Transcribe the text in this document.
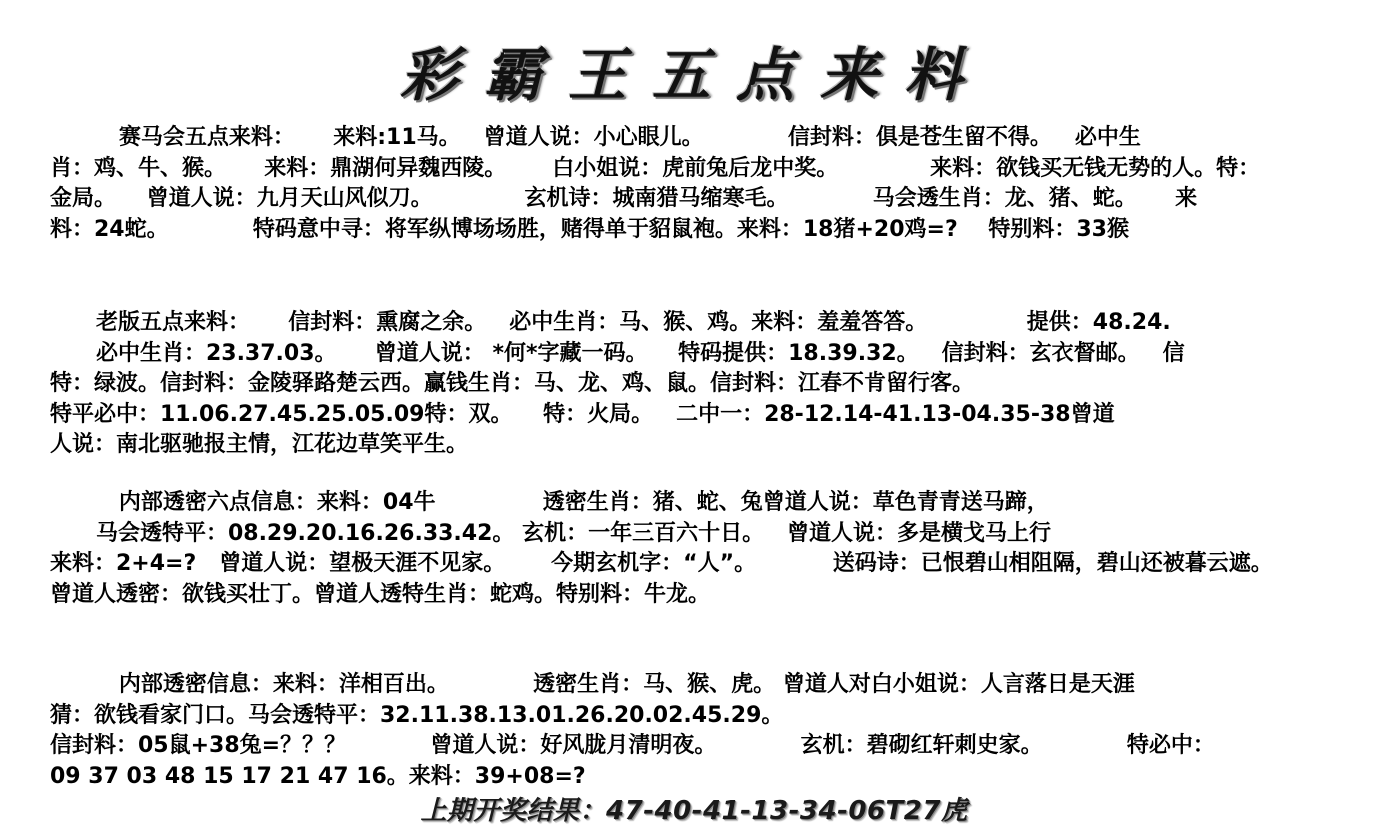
彩霸王五点来料
赛马会五点来料：     来料:11马。   曾道人说：小心眼儿。           信封料：俱是苍生留不得。   必中生
肖：鸡、牛、猴。     来料：鼎湖何异魏西陵。      白小姐说：虎前兔后龙中奖。            来料：欲钱买无钱无势的人。特：
金局。    曾道人说：九月天山风似刀。            玄机诗：城南猎马缩寒毛。           马会透生肖：龙、猪、蛇。     来
料：24蛇。           特码意中寻：将军纵博场场胜，赌得单于貂鼠袍。来料：18猪+20鸡=?    特别料：33猴
老版五点来料：     信封料：熏腐之余。   必中生肖：马、猴、鸡。来料：羞羞答答。             提供：48.24.
必中生肖：23.37.03。     曾道人说： *何*字藏一码。    特码提供：18.39.32。   信封料：玄衣督邮。   信
特：绿波。信封料：金陵驿路楚云西。赢钱生肖：马、龙、鸡、鼠。信封料：江春不肯留行客。
特平必中：11.06.27.45.25.05.09特：双。    特：火局。   二中一：28-12.14-41.13-04.35-38曾道
人说：南北驱驰报主情，江花边草笑平生。
内部透密六点信息：来料：04牛              透密生肖：猪、蛇、兔曾道人说：草色青青送马蹄，
马会透特平：08.29.20.16.26.33.42。 玄机：一年三百六十日。   曾道人说：多是横戈马上行
来料：2+4=?   曾道人说：望极天涯不见家。      今期玄机字：“人”。          送码诗：已恨碧山相阻隔，碧山还被暮云遮。
曾道人透密：欲钱买壮丁。曾道人透特生肖：蛇鸡。特别料：牛龙。
内部透密信息：来料：洋相百出。           透密生肖：马、猴、虎。 曾道人对白小姐说：人言落日是天涯
猜：欲钱看家门口。马会透特平：32.11.38.13.01.26.20.02.45.29。
信封料：05鼠+38兔=？？？           曾道人说：好风胧月清明夜。           玄机：碧砌红轩刺史家。           特必中：
09 37 03 48 15 17 21 47 16。来料：39+08=?
上期开奖结果：47-40-41-13-34-06T27虎
